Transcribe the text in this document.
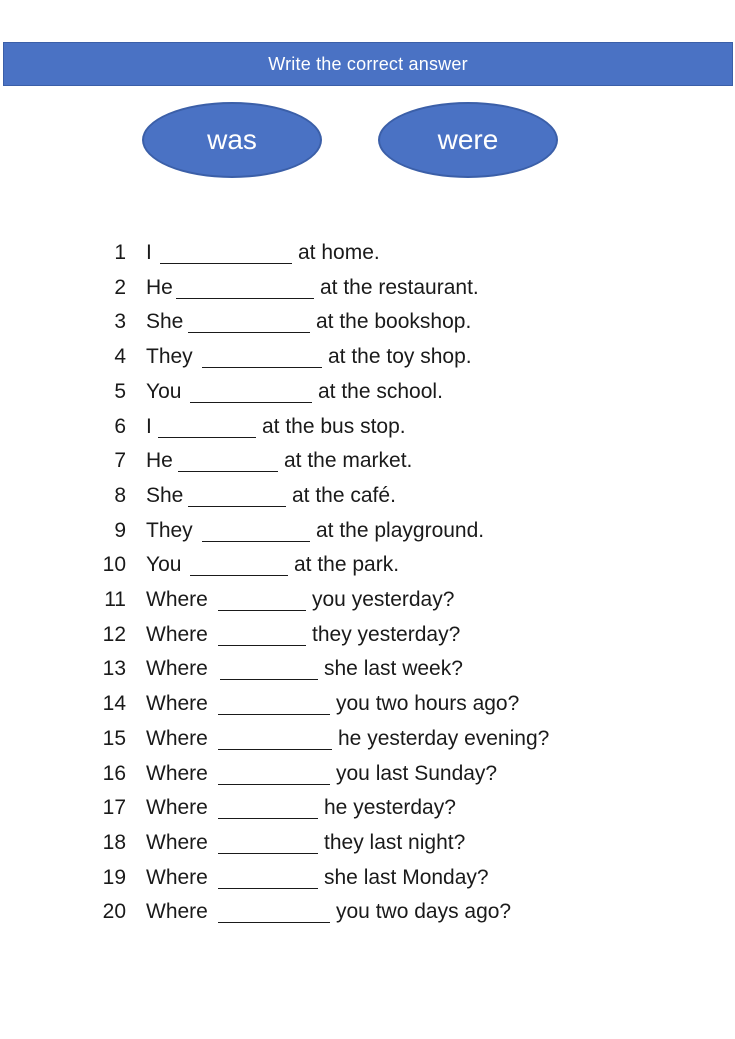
Write the correct answer
was	were
1 I	at home.
2 He	at the restaurant.
3 She	at the bookshop.
4 They	at the toy shop.
5 You	at the school.
6 I	at the bus stop.
7 He	at the market.
8 She	at the café.
9 They	at the playground.
10 You	at the park.
11 Where	you yesterday?
12 Where	they yesterday?
13 Where	she last week?
14 Where	you two hours ago?
15 Where	he yesterday evening?
16 Where	you last Sunday?
17 Where	he yesterday?
18 Where	they last night?
19 Where	she last Monday?
20 Where	you two days ago?
